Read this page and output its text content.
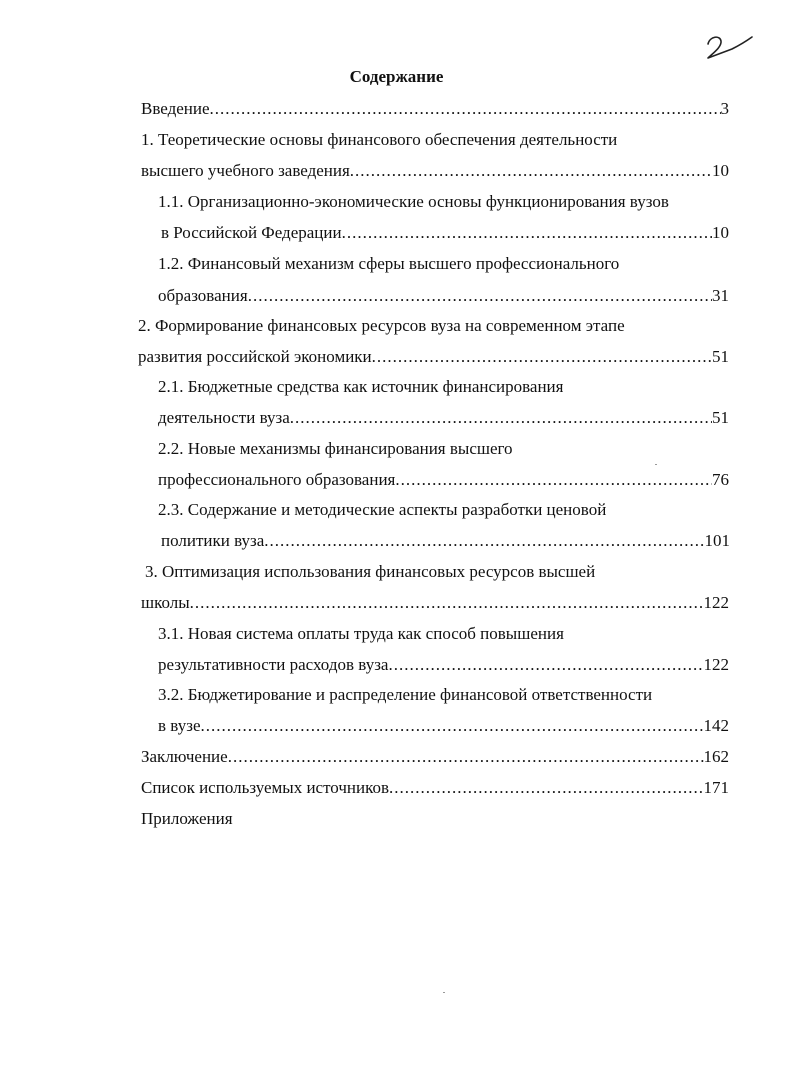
Содержание
Введение .....	3
1. Теоретические основы финансового обеспечения деятельности
высшего учебного заведения .....	10
1.1. Организационно-экономические основы функционирования вузов
в Российской Федерации .....	10
1.2. Финансовый механизм сферы высшего профессионального
образования .....	31
2. Формирование финансовых ресурсов вуза на современном этапе
развития российской экономики .....	51
2.1. Бюджетные средства как источник финансирования
деятельности вуза .....	51
2.2. Новые механизмы финансирования высшего
профессионального образования .....	76
2.3. Содержание и методические аспекты разработки ценовой
политики вуза .....	101
3. Оптимизация использования финансовых ресурсов высшей
школы .....	122
3.1. Новая система оплаты труда как способ повышения
результативности расходов вуза .....	122
3.2. Бюджетирование и распределение финансовой ответственности
в вузе .....	142
Заключение .....	162
Список используемых источников .....	171
Приложения
